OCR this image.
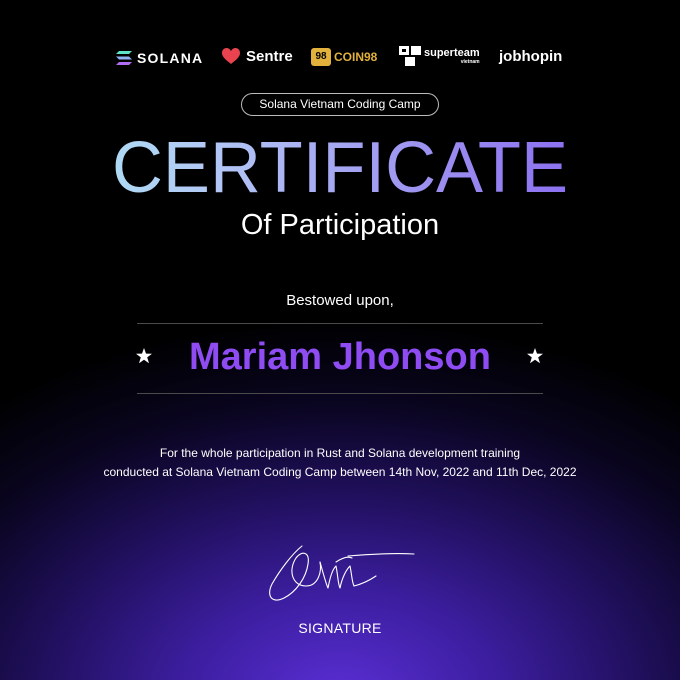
SOLANA	Sentre	98 COIN98	superteam
vietnam jobhopin
Solana Vietnam Coding Camp
CERTIFICATE
Of Participation
Bestowed upon,
Mariam Jhonson
For the whole participation in Rust and Solana development training
conducted at Solana Vietnam Coding Camp between 14th Nov, 2022 and 11th Dec, 2022
SIGNATURE
